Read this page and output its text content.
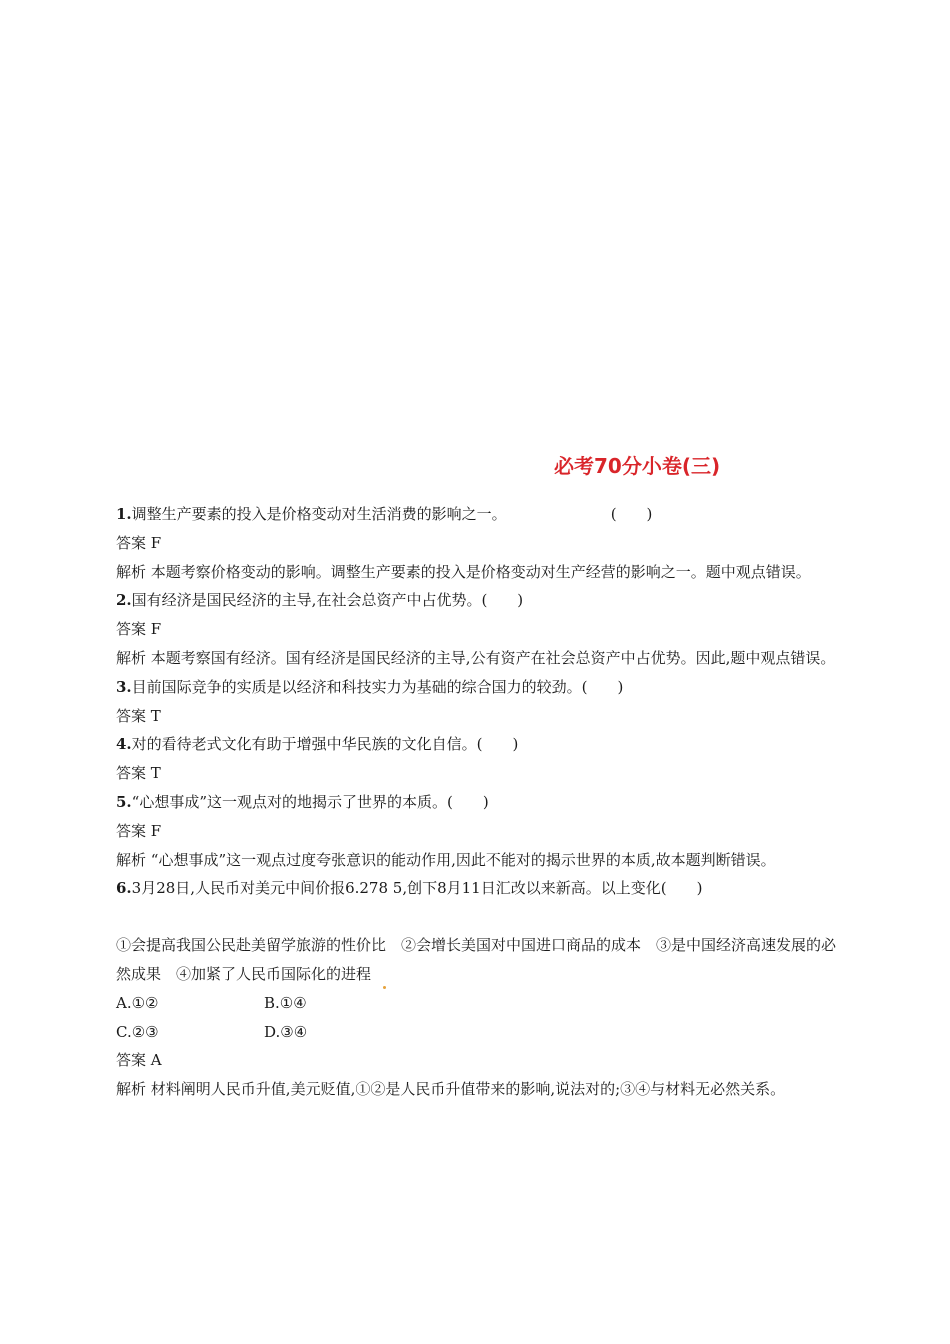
必考70分小卷(三)
1.调整生产要素的投入是价格变动对生活消费的影响之一。	(　　)
答案 F
解析 本题考察价格变动的影响。调整生产要素的投入是价格变动对生产经营的影响之一。题中观点错误。
2.国有经济是国民经济的主导,在社会总资产中占优势。(　　)
答案 F
解析 本题考察国有经济。国有经济是国民经济的主导,公有资产在社会总资产中占优势。因此,题中观点错误。
3.目前国际竞争的实质是以经济和科技实力为基础的综合国力的较劲。(　　)
答案 T
4.对的看待老式文化有助于增强中华民族的文化自信。(　　)
答案 T
5.“心想事成”这一观点对的地揭示了世界的本质。(　　)
答案 F
解析 “心想事成”这一观点过度夸张意识的能动作用,因此不能对的揭示世界的本质,故本题判断错误。
6.3月28日,人民币对美元中间价报6.278 5,创下8月11日汇改以来新高。以上变化(　　)
①会提高我国公民赴美留学旅游的性价比　②会增长美国对中国进口商品的成本　③是中国经济高速发展的必然成果　④加紧了人民币国际化的进程
A.①②	B.①④
C.②③	D.③④
答案 A
解析 材料阐明人民币升值,美元贬值,①②是人民币升值带来的影响,说法对的;③④与材料无必然关系。
